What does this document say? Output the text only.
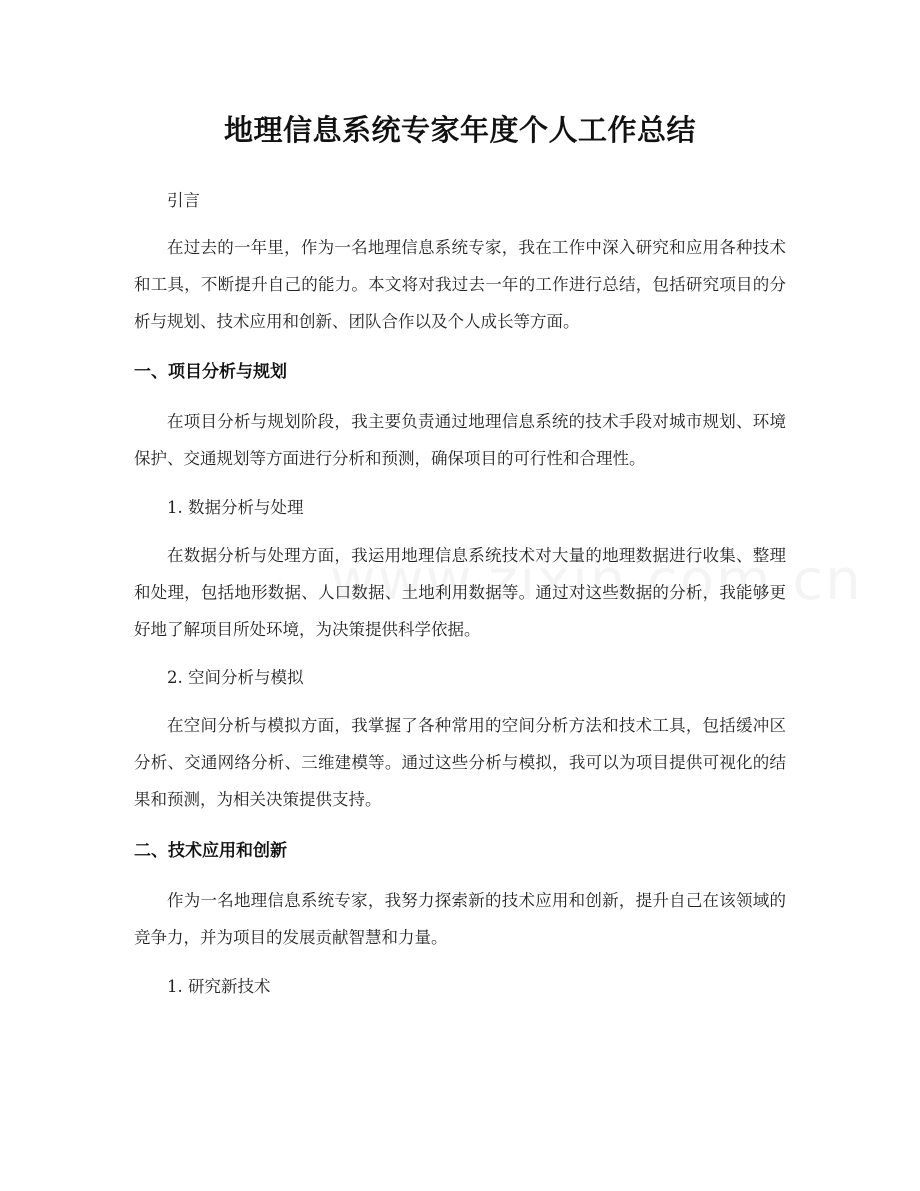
地理信息系统专家年度个人工作总结
引言
在过去的一年里，作为一名地理信息系统专家，我在工作中深入研究和应用各种技术和工具，不断提升自己的能力。本文将对我过去一年的工作进行总结，包括研究项目的分析与规划、技术应用和创新、团队合作以及个人成长等方面。
一、项目分析与规划
在项目分析与规划阶段，我主要负责通过地理信息系统的技术手段对城市规划、环境保护、交通规划等方面进行分析和预测，确保项目的可行性和合理性。
1. 数据分析与处理
在数据分析与处理方面，我运用地理信息系统技术对大量的地理数据进行收集、整理和处理，包括地形数据、人口数据、土地利用数据等。通过对这些数据的分析，我能够更好地了解项目所处环境，为决策提供科学依据。
2. 空间分析与模拟
在空间分析与模拟方面，我掌握了各种常用的空间分析方法和技术工具，包括缓冲区分析、交通网络分析、三维建模等。通过这些分析与模拟，我可以为项目提供可视化的结果和预测，为相关决策提供支持。
二、技术应用和创新
作为一名地理信息系统专家，我努力探索新的技术应用和创新，提升自己在该领域的竞争力，并为项目的发展贡献智慧和力量。
1. 研究新技术
